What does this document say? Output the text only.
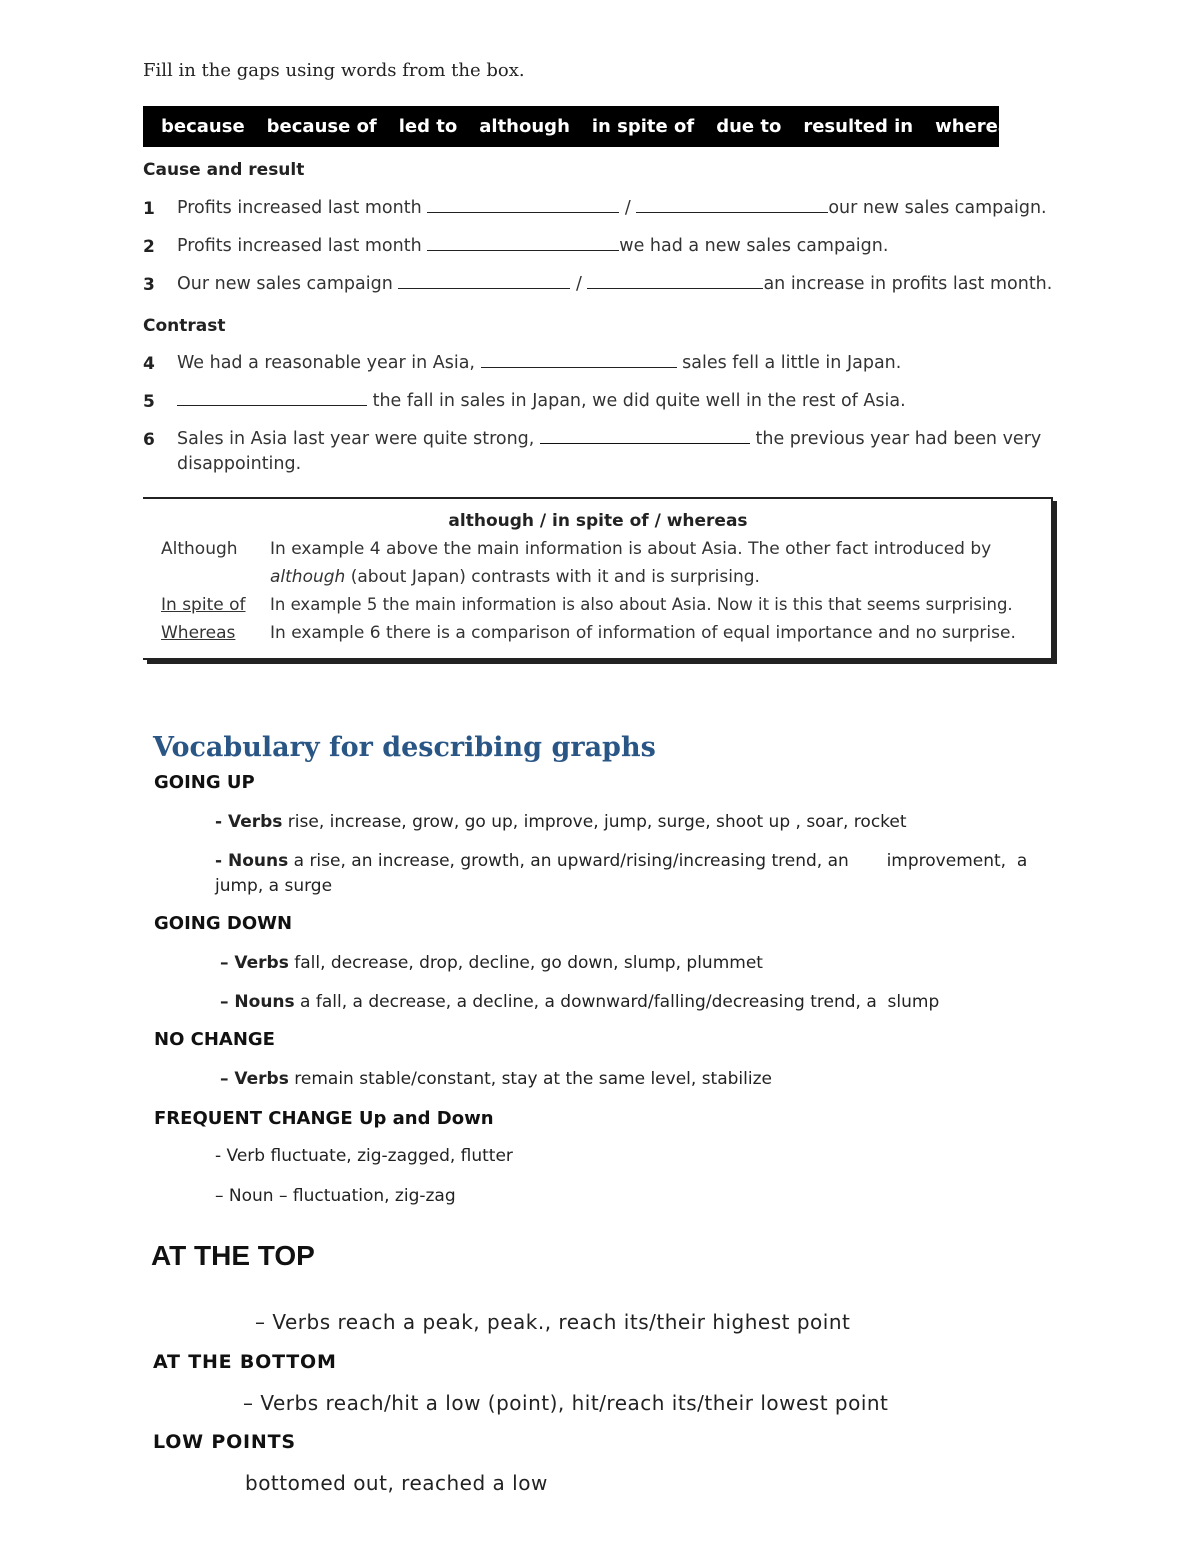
Fill in the gaps using words from the box.
because because of led to although in spite of due to resulted in whereas
Cause and result
1 Profits increased last month	/	our new sales campaign.
2 Profits increased last month	we had a new sales campaign.
3 Our new sales campaign	/	an increase in profits last month.
Contrast
4 We had a reasonable year in Asia,	sales fell a little in Japan.
5	the fall in sales in Japan, we did quite well in the rest of Asia.
6 Sales in Asia last year were quite strong,	the previous year had been very
disappointing.
although / in spite of / whereas
Although In example 4 above the main information is about Asia. The other fact introduced by
although (about Japan) contrasts with it and is surprising.
In spite of In example 5 the main information is also about Asia. Now it is this that seems surprising.
Whereas In example 6 there is a comparison of information of equal importance and no surprise.
Vocabulary for describing graphs
GOING UP
- Verbs rise, increase, grow, go up, improve, jump, surge, shoot up , soar, rocket
- Nouns a rise, an increase, growth, an upward/rising/increasing trend, an       improvement,  a
jump, a surge
GOING DOWN
– Verbs fall, decrease, drop, decline, go down, slump, plummet
– Nouns a fall, a decrease, a decline, a downward/falling/decreasing trend, a  slump
NO CHANGE
– Verbs remain stable/constant, stay at the same level, stabilize
FREQUENT CHANGE Up and Down
- Verb fluctuate, zig-zagged, flutter
– Noun – fluctuation, zig-zag
AT THE TOP
– Verbs reach a peak, peak., reach its/their highest point
AT THE BOTTOM
– Verbs reach/hit a low (point), hit/reach its/their lowest point
LOW POINTS
bottomed out, reached a low
